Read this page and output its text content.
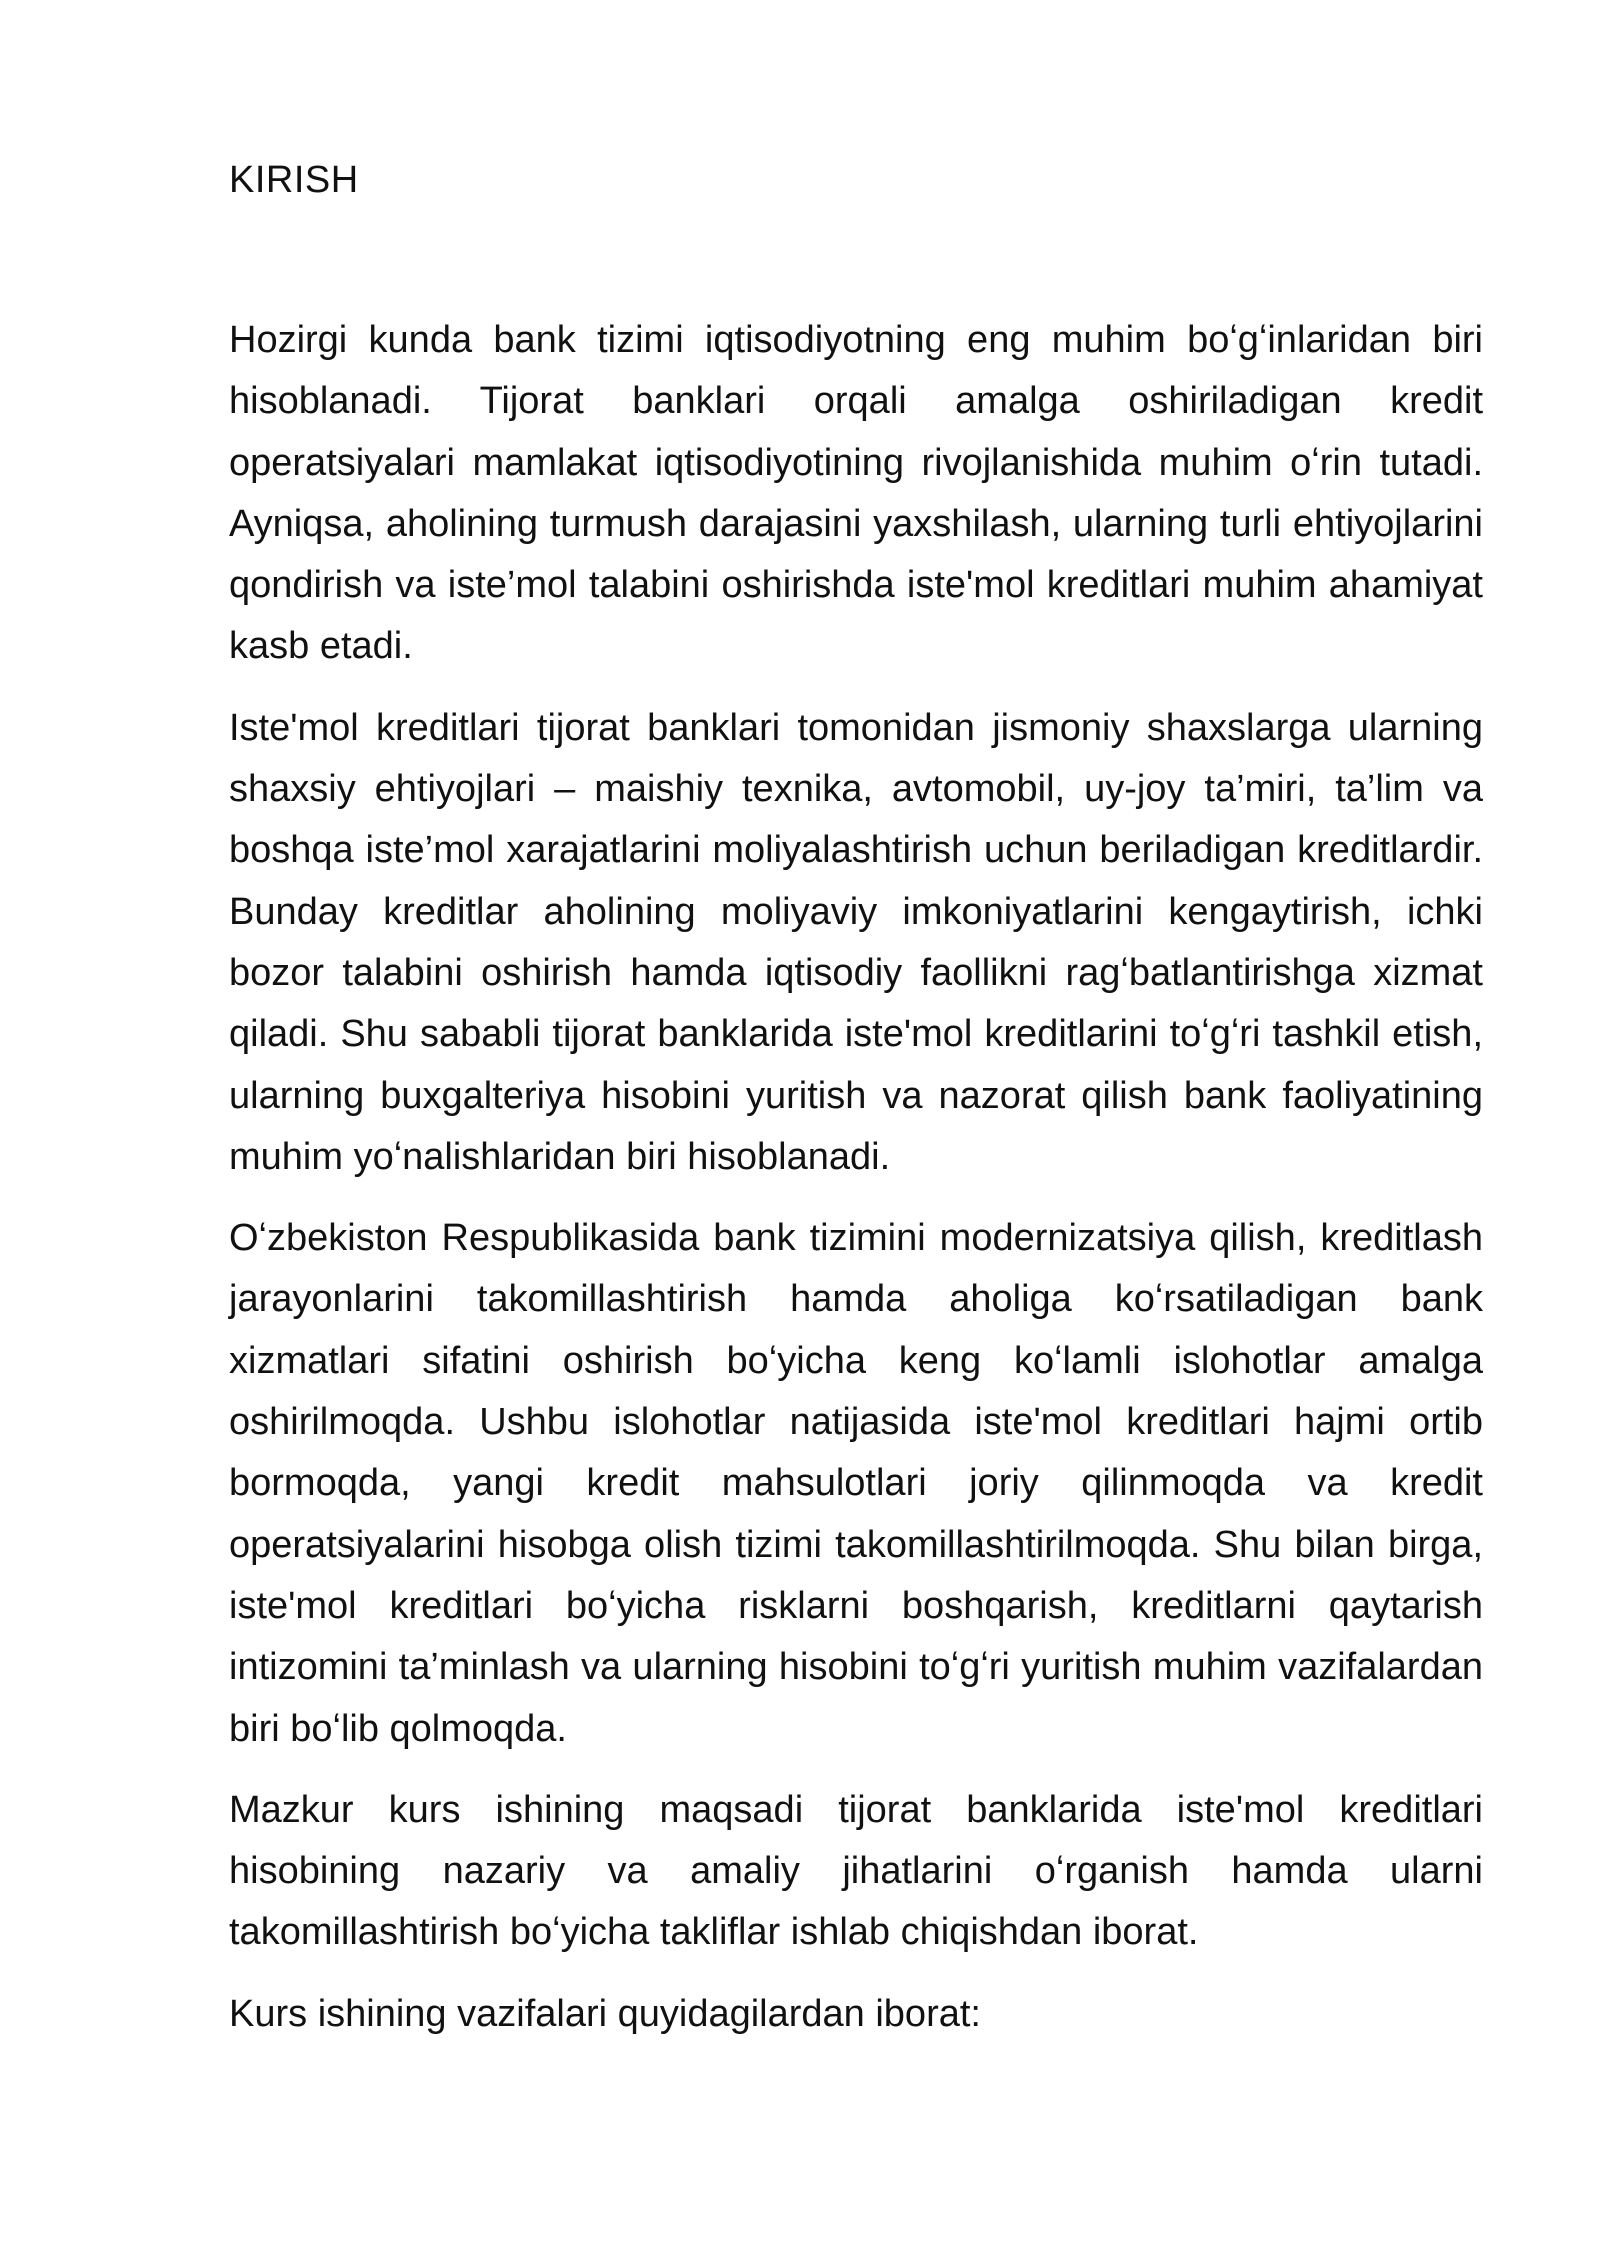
KIRISH

Hozirgi kunda bank tizimi iqtisodiyotning eng muhim boʻgʻinlaridan biri hisoblanadi. Tijorat banklari orqali amalga oshiriladigan kredit operatsiyalari mamlakat iqtisodiyotining rivojlanishida muhim oʻrin tutadi. Ayniqsa, aholining turmush darajasini yaxshilash, ularning turli ehtiyojlarini qondirish va iste’mol talabini oshirishda iste'mol kreditlari muhim ahamiyat kasb etadi.

Iste'mol kreditlari tijorat banklari tomonidan jismoniy shaxslarga ularning shaxsiy ehtiyojlari – maishiy texnika, avtomobil, uy-joy ta’miri, ta’lim va boshqa iste’mol xarajatlarini moliyalashtirish uchun beriladigan kreditlardir. Bunday kreditlar aholining moliyaviy imkoniyatlarini kengaytirish, ichki bozor talabini oshirish hamda iqtisodiy faollikni ragʻbatlantirishga xizmat qiladi. Shu sababli tijorat banklarida iste'mol kreditlarini toʻgʻri tashkil etish, ularning buxgalteriya hisobini yuritish va nazorat qilish bank faoliyatining muhim yoʻnalishlaridan biri hisoblanadi.

Oʻzbekiston Respublikasida bank tizimini modernizatsiya qilish, kreditlash jarayonlarini takomillashtirish hamda aholiga koʻrsatiladigan bank xizmatlari sifatini oshirish boʻyicha keng koʻlamli islohotlar amalga oshirilmoqda. Ushbu islohotlar natijasida iste'mol kreditlari hajmi ortib bormoqda, yangi kredit mahsulotlari joriy qilinmoqda va kredit operatsiyalarini hisobga olish tizimi takomillashtirilmoqda. Shu bilan birga, iste'mol kreditlari boʻyicha risklarni boshqarish, kreditlarni qaytarish intizomini ta’minlash va ularning hisobini toʻgʻri yuritish muhim vazifalardan biri boʻlib qolmoqda.

Mazkur kurs ishining maqsadi tijorat banklarida iste'mol kreditlari hisobining nazariy va amaliy jihatlarini oʻrganish hamda ularni takomillashtirish boʻyicha takliflar ishlab chiqishdan iborat.

Kurs ishining vazifalari quyidagilardan iborat:
